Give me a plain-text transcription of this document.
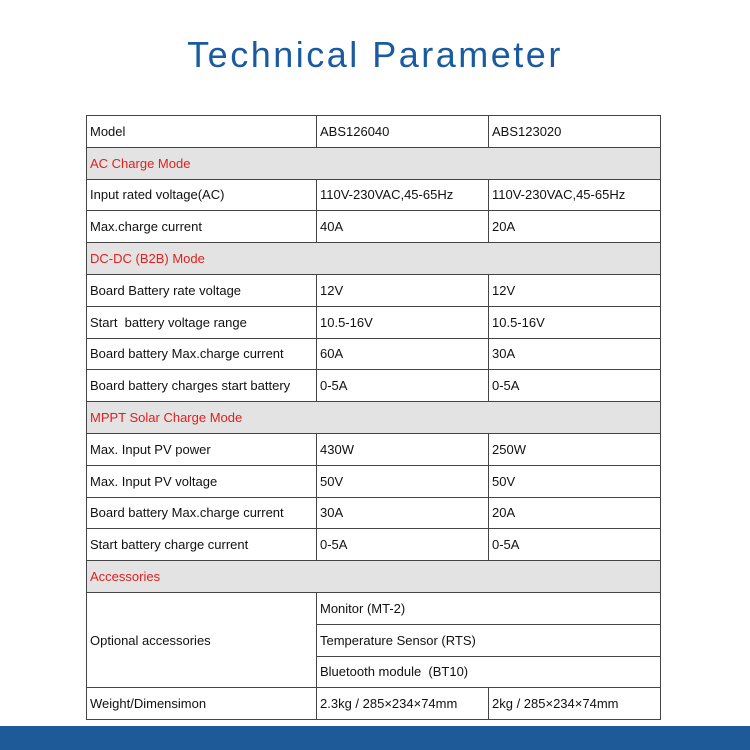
Technical Parameter
Model	ABS126040	ABS123020
AC Charge Mode		
Input rated voltage(AC)	110V-230VAC,45-65Hz	110V-230VAC,45-65Hz
Max.charge current	40A	20A
DC-DC (B2B) Mode		
Board Battery rate voltage	12V	12V
Start  battery voltage range	10.5-16V	10.5-16V
Board battery Max.charge current	60A	30A
Board battery charges start battery	0-5A	0-5A
MPPT Solar Charge Mode		
Max. Input PV power	430W	250W
Max. Input PV voltage	50V	50V
Board battery Max.charge current	30A	20A
Start battery charge current	0-5A	0-5A
Accessories		
Optional accessories	Monitor (MT-2)	
	Temperature Sensor (RTS)	
	Bluetooth module  (BT10)	
Weight/Dimensimon	2.3kg / 285×234×74mm	2kg / 285×234×74mm
